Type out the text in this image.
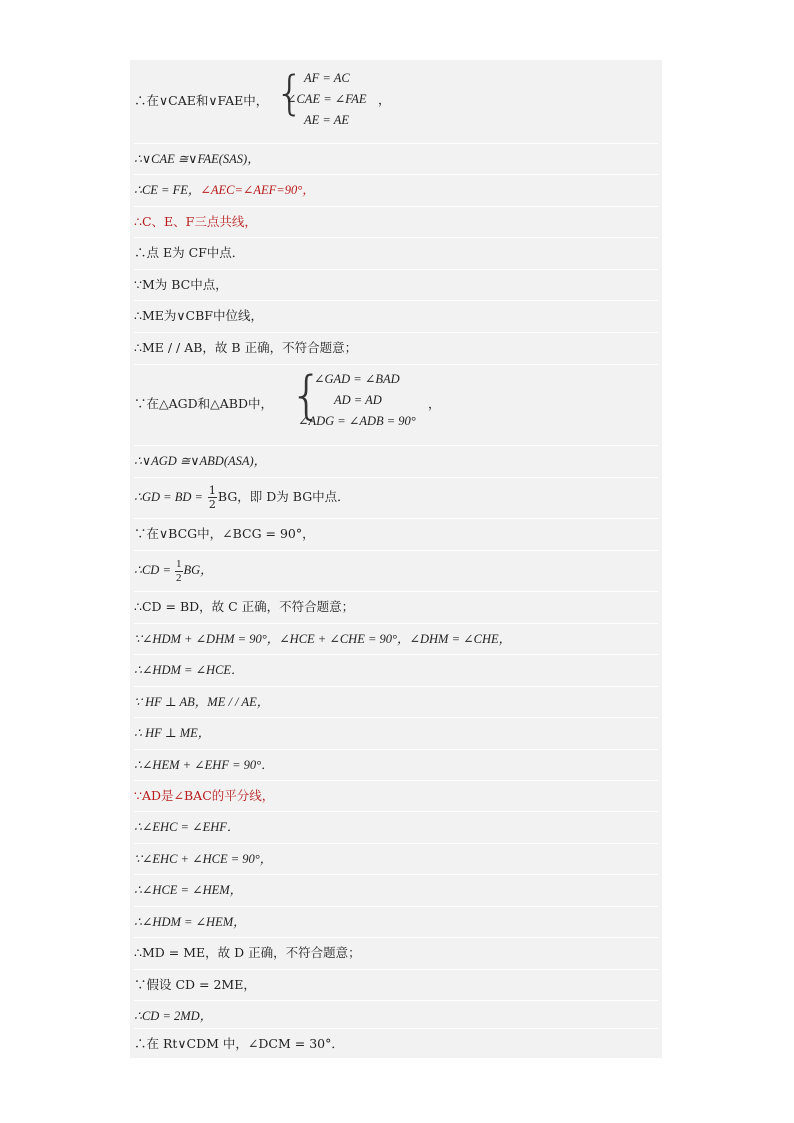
∴在∨CAE和∨FAE中， { AF = AC
∠CAE = ∠FAE
AE = AE
，
∴∨CAE ≅∨FAE(SAS)，
∴CE = FE，∠AEC=∠AEF=90°，
∴C、E、F三点共线，
∴点 E为 CF中点．
∵M为 BC中点，
∴ME为∨CBF中位线，
∴ME / / AB，故 B 正确，不符合题意；
∵在△AGD和△ABD中， {
∠GAD = ∠BAD
AD = AD
∠ADG = ∠ADB = 90°
，
∴∨AGD ≅∨ABD(ASA)，
∴GD = BD = $\frac{1}{2}$ BG，即 D为 BG中点．
∵在∨BCG中，∠BCG = 90°，
∴CD = $\frac{1}{2}$ BG，
∴CD = BD，故 C 正确，不符合题意；
∵∠HDM + ∠DHM = 90°，∠HCE + ∠CHE = 90°，∠DHM = ∠CHE，
∴∠HDM = ∠HCE．
∵ HF ⊥ AB，ME / / AE，
∴ HF ⊥ ME，
∴∠HEM + ∠EHF = 90°．
∵AD是∠BAC的平分线，
∴∠EHC = ∠EHF．
∵∠EHC + ∠HCE = 90°，
∴∠HCE = ∠HEM，
∴∠HDM = ∠HEM，
∴MD = ME，故 D 正确，不符合题意；
∵假设 CD = 2ME，
∴CD = 2MD，
∴在 Rt∨CDM 中，∠DCM = 30°．
